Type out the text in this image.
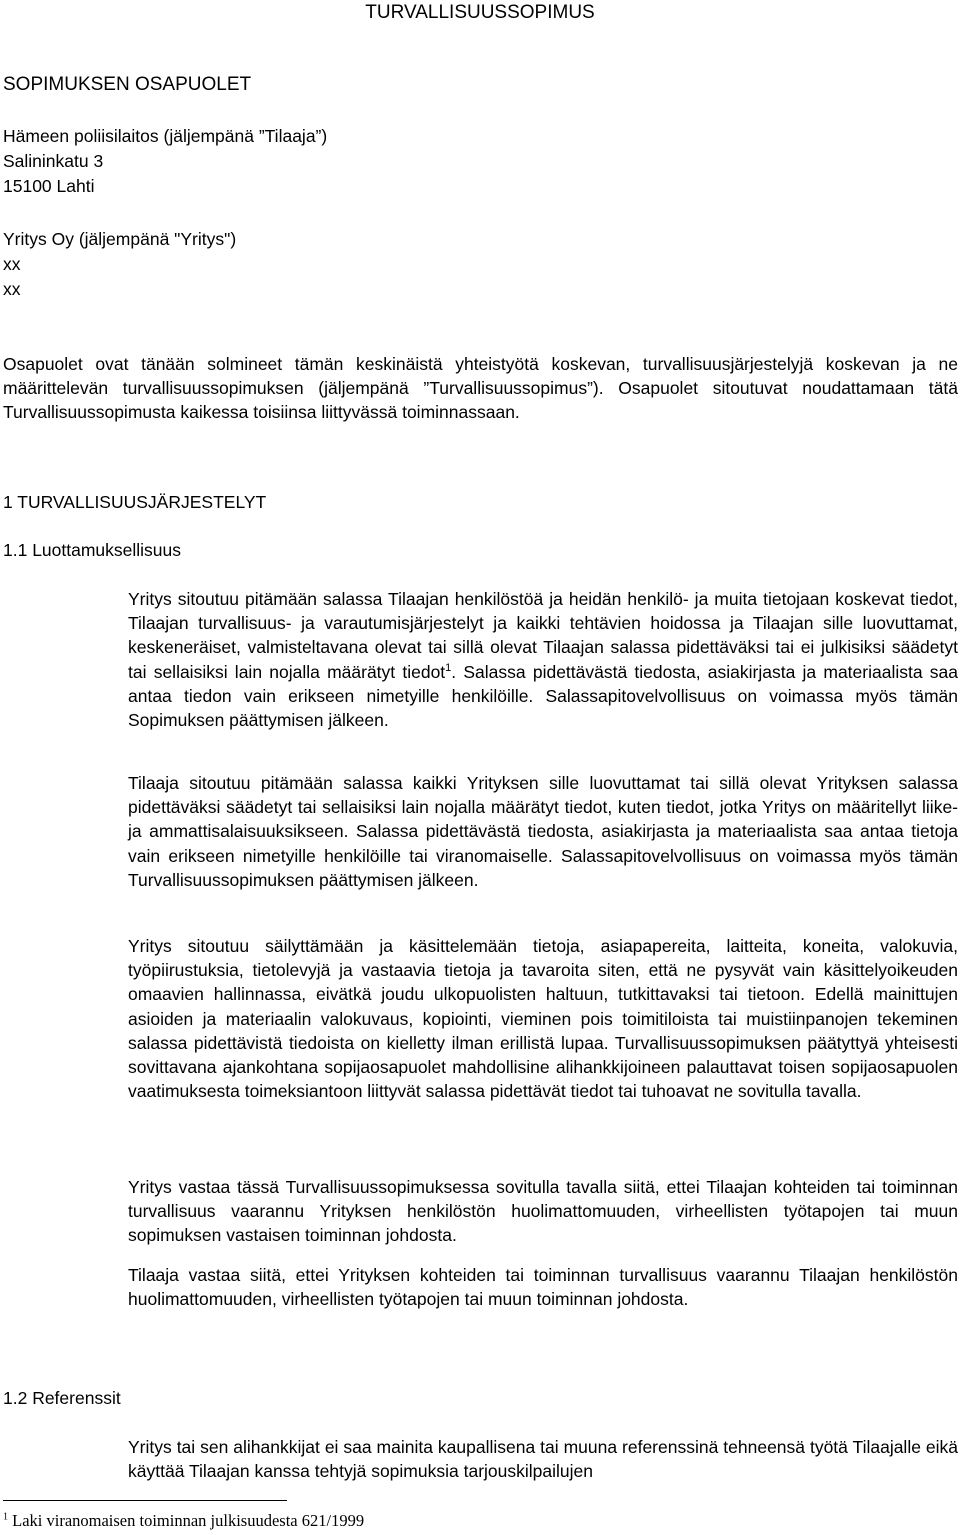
TURVALLISUUSSOPIMUS
SOPIMUKSEN OSAPUOLET
Hämeen poliisilaitos (jäljempänä ”Tilaaja”)
Salininkatu 3
15100 Lahti
Yritys Oy (jäljempänä "Yritys")
xx
xx

Osapuolet ovat tänään solmineet tämän keskinäistä yhteistyötä koskevan, turvallisuusjärjestelyjä koskevan ja ne määrittelevän turvallisuussopimuksen (jäljempänä ”Turvallisuussopimus”). Osapuolet sitoutuvat noudattamaan tätä Turvallisuussopimusta kaikessa toisiinsa liittyvässä toiminnassaan.

1 TURVALLISUUSJÄRJESTELYT
1.1 Luottamuksellisuus

Yritys sitoutuu pitämään salassa Tilaajan henkilöstöä ja heidän henkilö- ja muita tietojaan koskevat tiedot, Tilaajan turvallisuus- ja varautumisjärjestelyt ja kaikki tehtävien hoidossa ja Tilaajan sille luovuttamat, keskeneräiset, valmisteltavana olevat tai sillä olevat Tilaajan salassa pidettäväksi tai ei julkisiksi säädetyt tai sellaisiksi lain nojalla määrätyt tiedot$^1$. Salassa pidettävästä tiedosta, asiakirjasta ja materiaalista saa antaa tiedon vain erikseen nimetyille henkilöille. Salassapitovelvollisuus on voimassa myös tämän Sopimuksen päättymisen jälkeen.

Tilaaja sitoutuu pitämään salassa kaikki Yrityksen sille luovuttamat tai sillä olevat Yrityksen salassa pidettäväksi säädetyt tai sellaisiksi lain nojalla määrätyt tiedot, kuten tiedot, jotka Yritys on määritellyt liike- ja ammattisalaisuuksikseen. Salassa pidettävästä tiedosta, asiakirjasta ja materiaalista saa antaa tietoja vain erikseen nimetyille henkilöille tai viranomaiselle. Salassapitovelvollisuus on voimassa myös tämän Turvallisuussopimuksen päättymisen jälkeen.

Yritys sitoutuu säilyttämään ja käsittelemään tietoja, asiapapereita, laitteita, koneita, valokuvia, työpiirustuksia, tietolevyjä ja vastaavia tietoja ja tavaroita siten, että ne pysyvät vain käsittelyoikeuden omaavien hallinnassa, eivätkä joudu ulkopuolisten haltuun, tutkittavaksi tai tietoon. Edellä mainittujen asioiden ja materiaalin valokuvaus, kopiointi, vieminen pois toimitiloista tai muistiinpanojen tekeminen salassa pidettävistä tiedoista on kielletty ilman erillistä lupaa. Turvallisuussopimuksen päätyttyä yhteisesti sovittavana ajankohtana sopijaosapuolet mahdollisine alihankkijoineen palauttavat toisen sopijaosapuolen vaatimuksesta toimeksiantoon liittyvät salassa pidettävät tiedot tai tuhoavat ne sovitulla tavalla.

Yritys vastaa tässä Turvallisuussopimuksessa sovitulla tavalla siitä, ettei Tilaajan kohteiden tai toiminnan turvallisuus vaarannu Yrityksen henkilöstön huolimattomuuden, virheellisten työtapojen tai muun sopimuksen vastaisen toiminnan johdosta.

Tilaaja vastaa siitä, ettei Yrityksen kohteiden tai toiminnan turvallisuus vaarannu Tilaajan henkilöstön huolimattomuuden, virheellisten työtapojen tai muun toiminnan johdosta.

1.2 Referenssit

Yritys tai sen alihankkijat ei saa mainita kaupallisena tai muuna referenssinä tehneensä työtä Tilaajalle eikä käyttää Tilaajan kanssa tehtyjä sopimuksia tarjouskilpailujen

$^1$ Laki viranomaisen toiminnan julkisuudesta 621/1999
